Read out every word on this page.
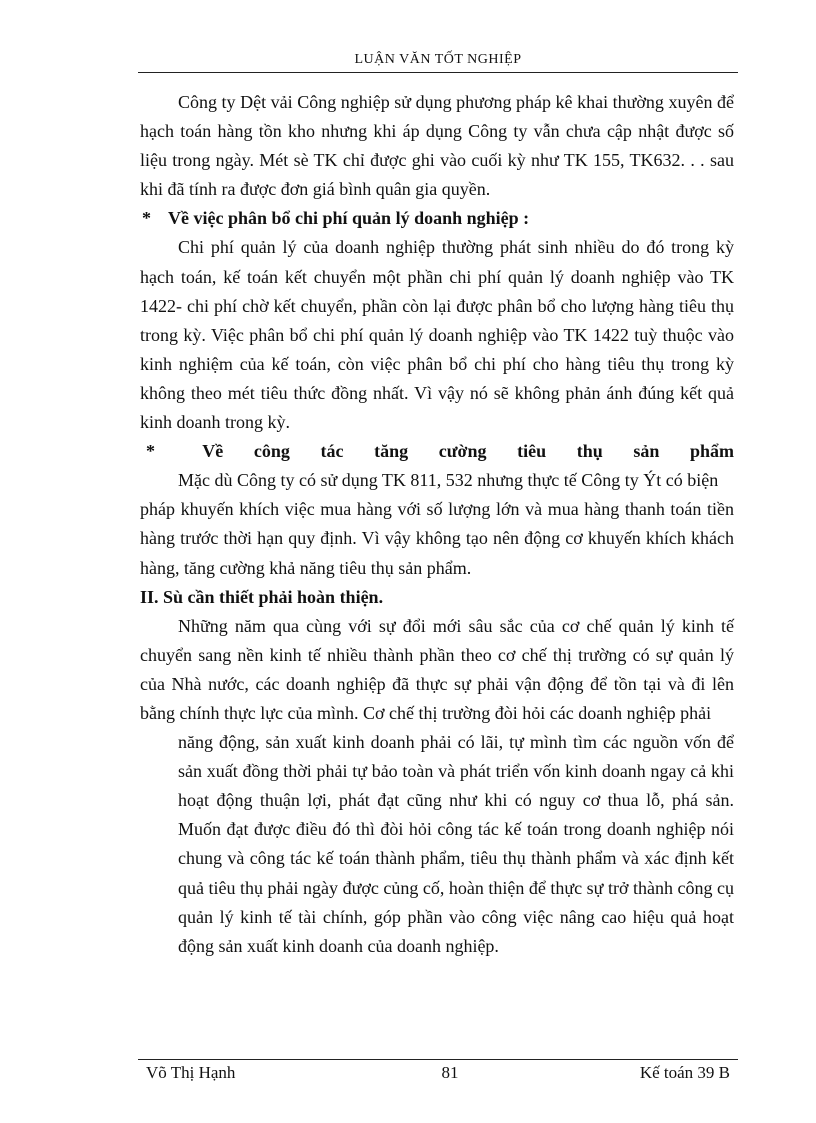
LUẬN VĂN TỐT NGHIỆP

Công ty Dệt vải Công nghiệp sử dụng phương pháp kê khai thường xuyên để hạch toán hàng tồn kho nhưng khi áp dụng Công ty vẫn chưa cập nhật được số liệu trong ngày. Mét sè TK chỉ được ghi vào cuối kỳ như TK 155, TK632. . . sau khi đã tính ra được đơn giá bình quân gia quyền.

* Về việc phân bổ chi phí quản lý doanh nghiệp :

Chi phí quản lý của doanh nghiệp thường phát sinh nhiều do đó trong kỳ hạch toán, kế toán kết chuyển một phần chi phí quản lý doanh nghiệp vào TK 1422- chi phí chờ kết chuyển, phần còn lại được phân bổ cho lượng hàng tiêu thụ trong kỳ. Việc phân bổ chi phí quản lý doanh nghiệp vào TK 1422 tuỳ thuộc vào kinh nghiệm của kế toán, còn việc phân bổ chi phí cho hàng tiêu thụ trong kỳ không theo mét tiêu thức đồng nhất. Vì vậy nó sẽ không phản ánh đúng kết quả kinh doanh trong kỳ.

*	Về công tác tăng cường tiêu thụ sản phẩm

Mặc dù Công ty có sử dụng TK 811, 532 nhưng thực tế Công ty Ýt có biện

pháp khuyến khích việc mua hàng với số lượng lớn và mua hàng thanh toán tiền hàng trước thời hạn quy định. Vì vậy không tạo nên động cơ khuyến khích khách hàng, tăng cường khả năng tiêu thụ sản phẩm.

II. Sù cần thiết phải hoàn thiện.

Những năm qua cùng với sự đổi mới sâu sắc của cơ chế quản lý kinh tế chuyển sang nền kinh tế nhiều thành phần theo cơ chế thị trường có sự quản lý của Nhà nước, các doanh nghiệp đã thực sự phải vận động để tồn tại và đi lên bằng chính thực lực của mình. Cơ chế thị trường đòi hỏi các doanh nghiệp phải

năng động, sản xuất kinh doanh phải có lãi, tự mình tìm các nguồn vốn để sản xuất đồng thời phải tự bảo toàn và phát triển vốn kinh doanh ngay cả khi hoạt động thuận lợi, phát đạt cũng như khi có nguy cơ thua lỗ, phá sản. Muốn đạt được điều đó thì đòi hỏi công tác kế toán trong doanh nghiệp nói chung và công tác kế toán thành phẩm, tiêu thụ thành phẩm và xác định kết quả tiêu thụ phải ngày được củng cố, hoàn thiện để thực sự trở thành công cụ quản lý kinh tế tài chính, góp phần vào công việc nâng cao hiệu quả hoạt động sản xuất kinh doanh của doanh nghiệp.

Võ Thị Hạnh	81	Kế toán 39 B
